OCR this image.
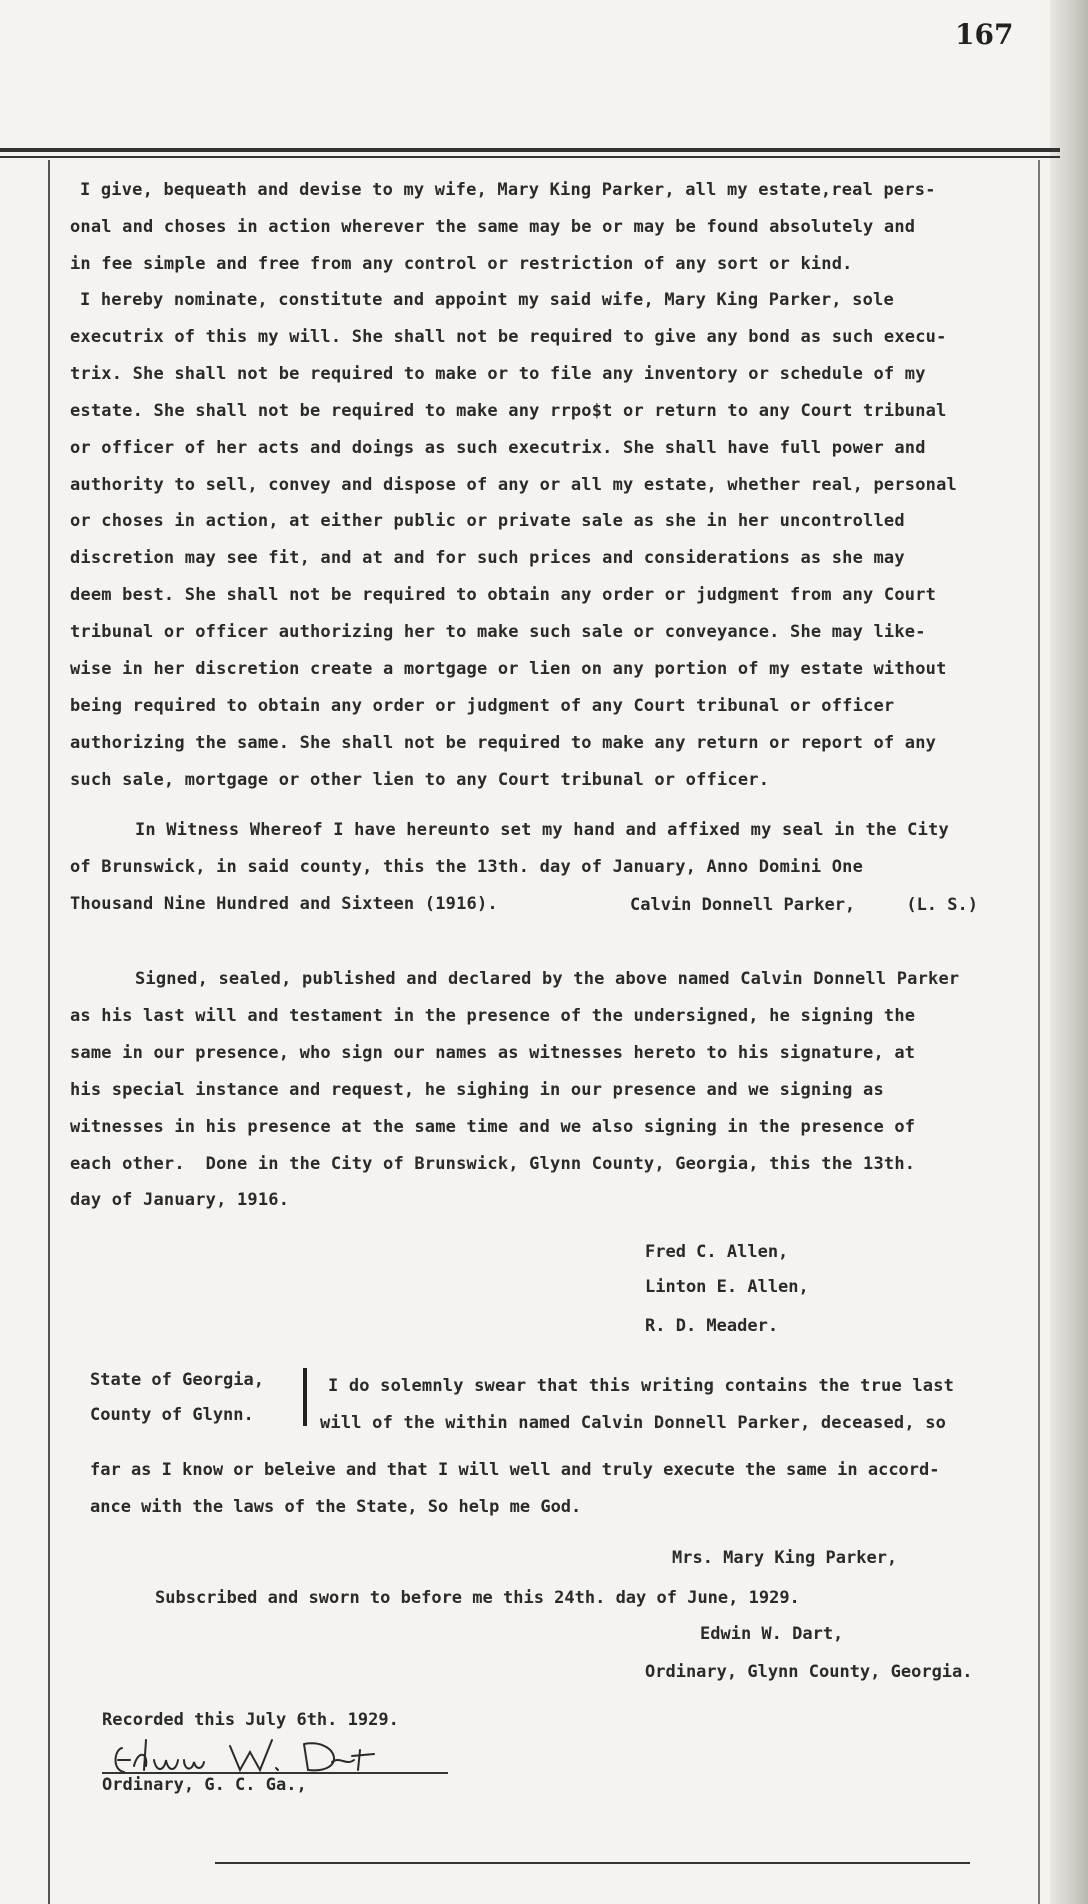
167
I give, bequeath and devise to my wife, Mary King Parker, all my estate,real pers-
onal and choses in action wherever the same may be or may be found absolutely and
in fee simple and free from any control or restriction of any sort or kind.
I hereby nominate, constitute and appoint my said wife, Mary King Parker, sole
executrix of this my will. She shall not be required to give any bond as such execu-
trix. She shall not be required to make or to file any inventory or schedule of my
estate. She shall not be required to make any rrpo$t or return to any Court tribunal
or officer of her acts and doings as such executrix. She shall have full power and
authority to sell, convey and dispose of any or all my estate, whether real, personal
or choses in action, at either public or private sale as she in her uncontrolled
discretion may see fit, and at and for such prices and considerations as she may
deem best. She shall not be required to obtain any order or judgment from any Court
tribunal or officer authorizing her to make such sale or conveyance. She may like-
wise in her discretion create a mortgage or lien on any portion of my estate without
being required to obtain any order or judgment of any Court tribunal or officer
authorizing the same. She shall not be required to make any return or report of any
such sale, mortgage or other lien to any Court tribunal or officer.
In Witness Whereof I have hereunto set my hand and affixed my seal in the City
of Brunswick, in said county, this the 13th. day of January, Anno Domini One
Thousand Nine Hundred and Sixteen (1916).	Calvin Donnell Parker,     (L. S.)
Signed, sealed, published and declared by the above named Calvin Donnell Parker
as his last will and testament in the presence of the undersigned, he signing the
same in our presence, who sign our names as witnesses hereto to his signature, at
his special instance and request, he sighing in our presence and we signing as
witnesses in his presence at the same time and we also signing in the presence of
each other.  Done in the City of Brunswick, Glynn County, Georgia, this the 13th.
day of January, 1916.
Fred C. Allen,
Linton E. Allen,
R. D. Meader.
State of Georgia,
County of Glynn.
I do solemnly swear that this writing contains the true last
will of the within named Calvin Donnell Parker, deceased, so
far as I know or beleive and that I will well and truly execute the same in accord-
ance with the laws of the State, So help me God.
Mrs. Mary King Parker,
Subscribed and sworn to before me this 24th. day of June, 1929.
Edwin W. Dart,
Ordinary, Glynn County, Georgia.
Recorded this July 6th. 1929.
Ordinary, G. C. Ga.,
